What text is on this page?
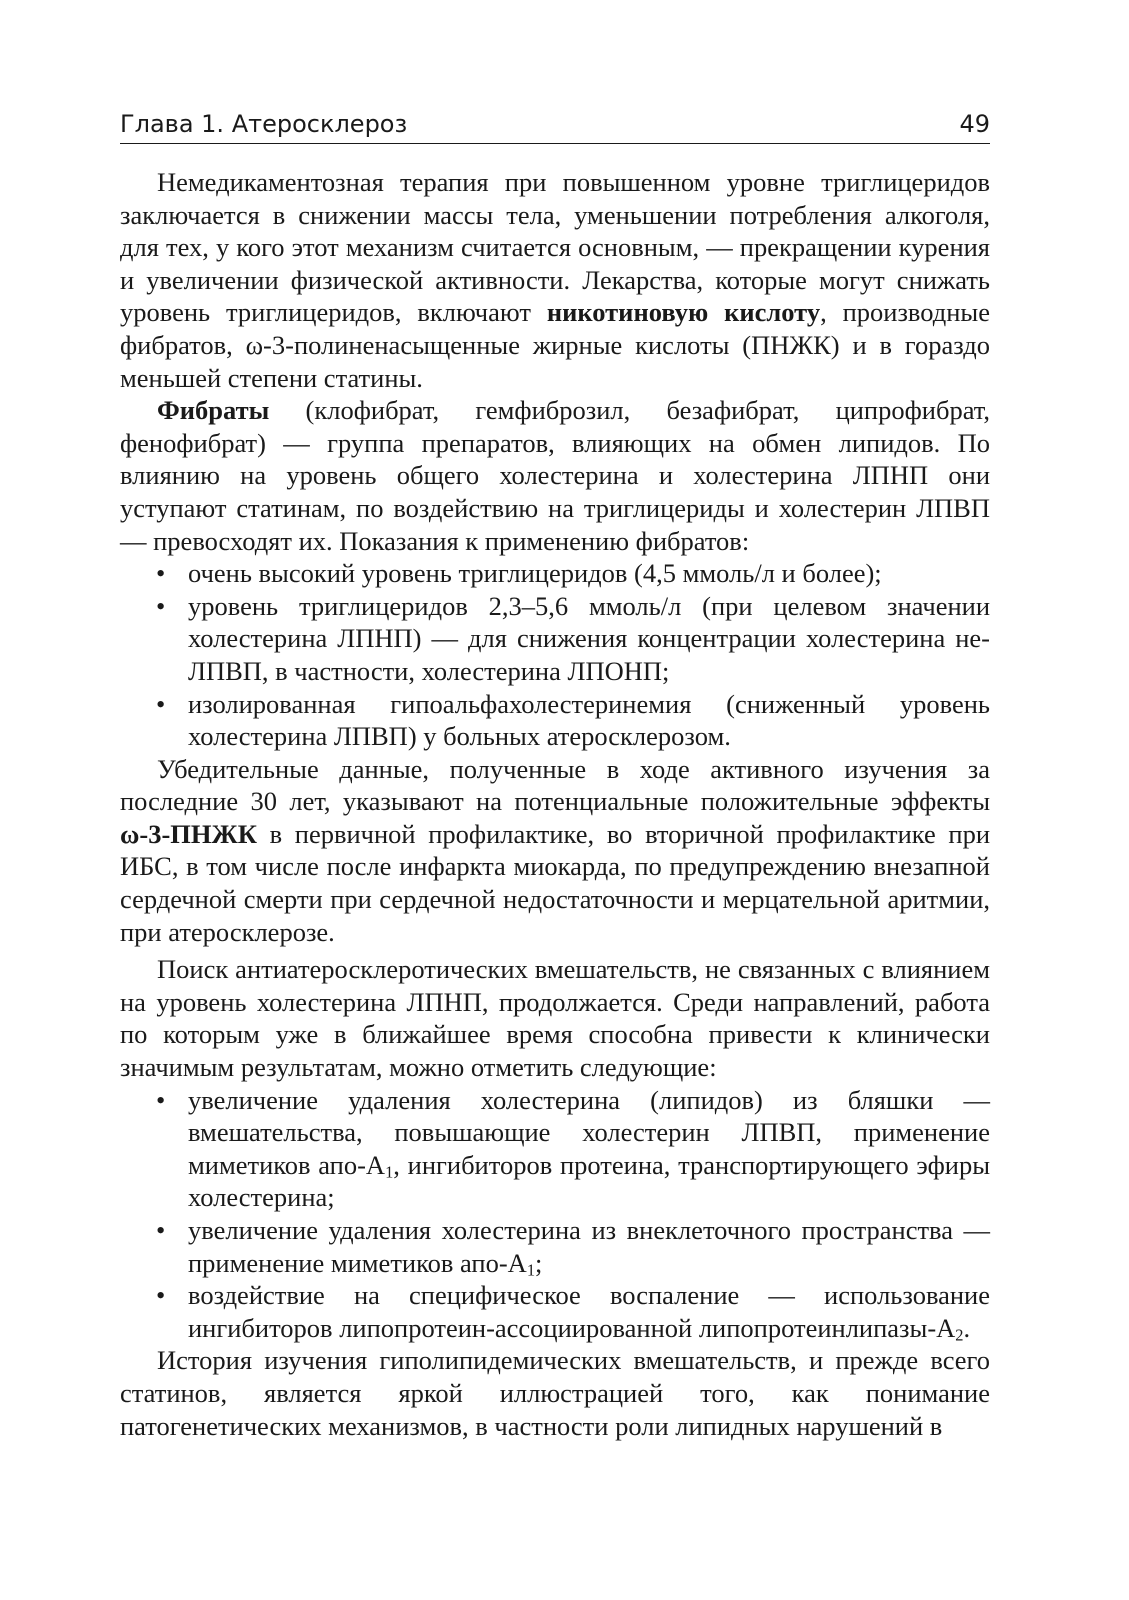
Глава 1. Атеросклероз	49

Немедикаментозная терапия при повышенном уровне триглицеридов заключается в снижении массы тела, уменьшении потребления алкоголя, для тех, у кого этот механизм считается основным, — прекращении курения и увеличении физической активности. Лекарства, которые могут снижать уровень триглицеридов, включают никотиновую кислоту, производные фибратов, ω-3-полиненасыщенные жирные кислоты (ПНЖК) и в гораздо меньшей степени статины.

Фибраты (клофибрат, гемфиброзил, безафибрат, ципрофибрат, фенофибрат) — группа препаратов, влияющих на обмен липидов. По влиянию на уровень общего холестерина и холестерина ЛПНП они уступают статинам, по воздействию на триглицериды и холестерин ЛПВП — превосходят их. Показания к применению фибратов:

• очень высокий уровень триглицеридов (4,5 ммоль/л и более);
• уровень триглицеридов 2,3–5,6 ммоль/л (при целевом значении холестерина ЛПНП) — для снижения концентрации холестерина не-ЛПВП, в частности, холестерина ЛПОНП;
• изолированная гипоальфахолестеринемия (сниженный уровень холестерина ЛПВП) у больных атеросклерозом.

Убедительные данные, полученные в ходе активного изучения за последние 30 лет, указывают на потенциальные положительные эффекты ω-3-ПНЖК в первичной профилактике, во вторичной профилактике при ИБС, в том числе после инфаркта миокарда, по предупреждению внезапной сердечной смерти при сердечной недостаточности и мерцательной аритмии, при атеросклерозе.

Поиск антиатеросклеротических вмешательств, не связанных с влиянием на уровень холестерина ЛПНП, продолжается. Среди направлений, работа по которым уже в ближайшее время способна привести к клинически значимым результатам, можно отметить следующие:

• увеличение удаления холестерина (липидов) из бляшки — вмешательства, повышающие холестерин ЛПВП, применение миметиков апо-$А_1$, ингибиторов протеина, транспортирующего эфиры холестерина;
• увеличение удаления холестерина из внеклеточного пространства — применение миметиков апо-$А_1$;
• воздействие на специфическое воспаление — использование ингибиторов липопротеин-ассоциированной липопротеинлипазы-$А_2$.

История изучения гиполипидемических вмешательств, и прежде всего статинов, является яркой иллюстрацией того, как понимание патогенетических механизмов, в частности роли липидных нарушений в
